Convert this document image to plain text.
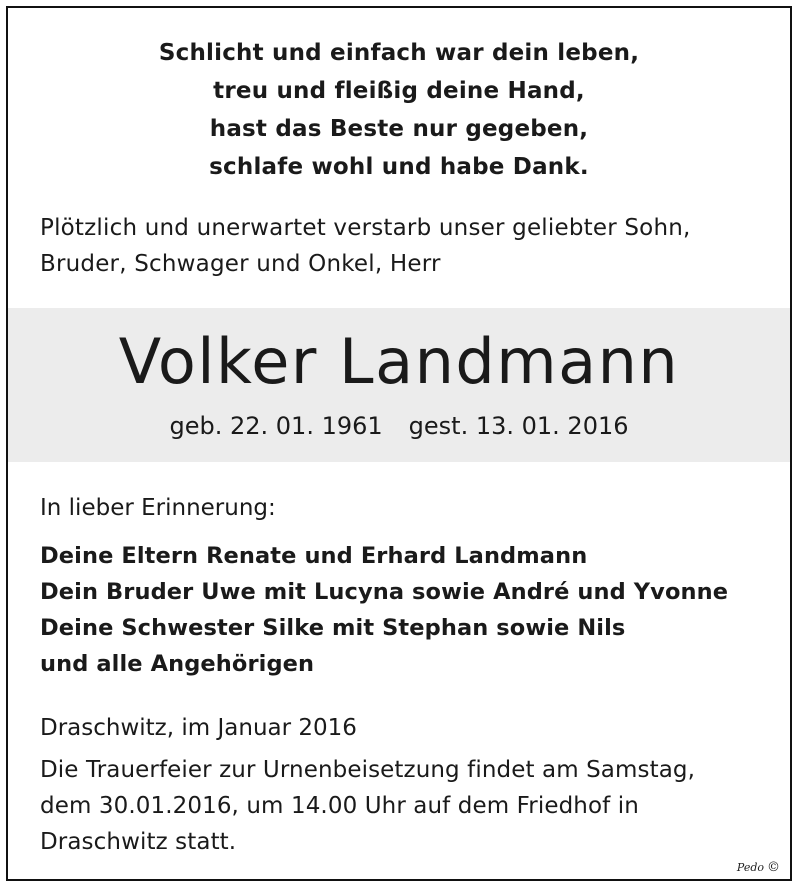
Schlicht und einfach war dein leben,
treu und fleißig deine Hand,
hast das Beste nur gegeben,
schlafe wohl und habe Dank.
Plötzlich und unerwartet verstarb unser geliebter Sohn,
Bruder, Schwager und Onkel, Herr
Volker Landmann
geb. 22. 01. 1961 gest. 13. 01. 2016
In lieber Erinnerung:
Deine Eltern Renate und Erhard Landmann
Dein Bruder Uwe mit Lucyna sowie André und Yvonne
Deine Schwester Silke mit Stephan sowie Nils
und alle Angehörigen
Draschwitz, im Januar 2016
Die Trauerfeier zur Urnenbeisetzung findet am Samstag,
dem 30.01.2016, um 14.00 Uhr auf dem Friedhof in
Draschwitz statt.
Pedo ©
